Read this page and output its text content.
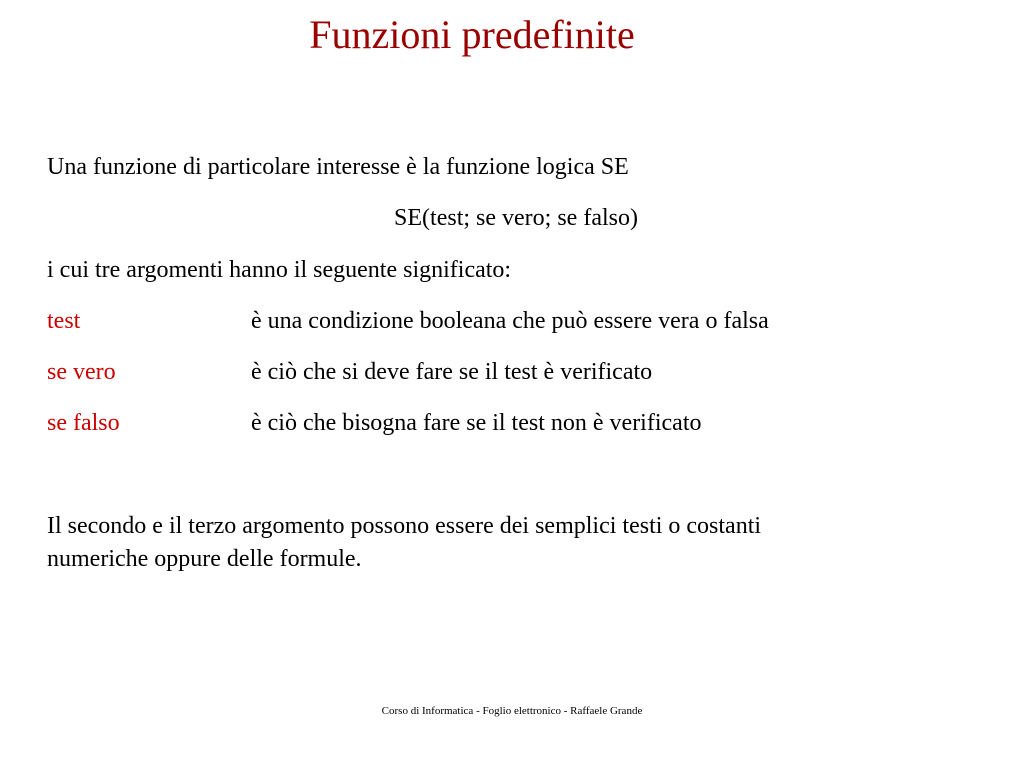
Funzioni predefinite
Una funzione di particolare interesse è la funzione logica SE
SE(test; se vero; se falso)
i cui tre argomenti hanno il seguente significato:
test	è una condizione booleana che può essere vera o falsa
se vero	è ciò che si deve fare se il test è verificato
se falso	è ciò che bisogna fare se il test non è verificato
Il secondo e il terzo argomento possono essere dei semplici testi o costanti
numeriche oppure delle formule.
Corso di Informatica - Foglio elettronico - Raffaele Grande
